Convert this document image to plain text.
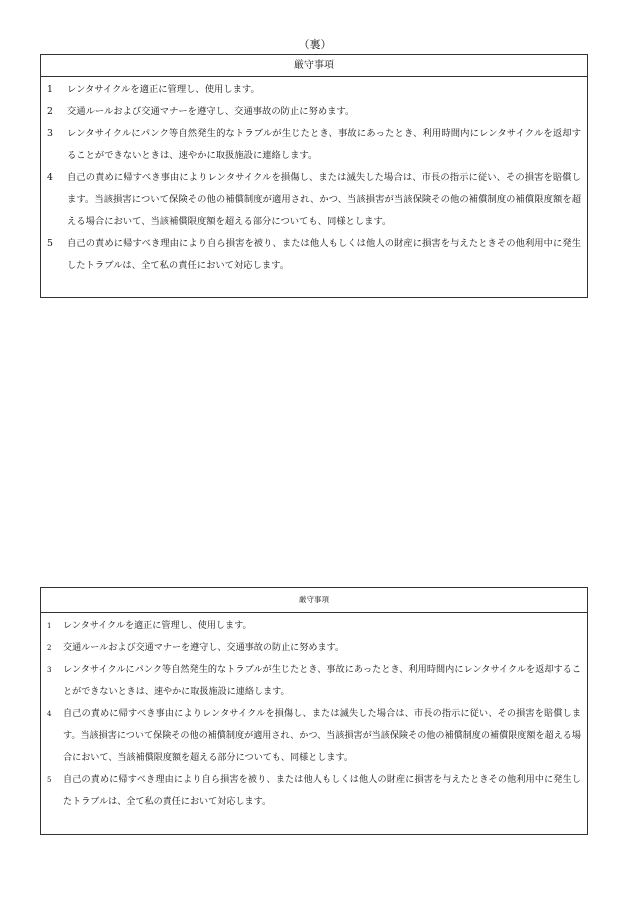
（裏）
厳守事項
1	レンタサイクルを適正に管理し、使用します。
2	交通ルールおよび交通マナーを遵守し、交通事故の防止に努めます。
3	レンタサイクルにパンク等自然発生的なトラブルが生じたとき、事故にあったとき、利用時間内にレンタサイクルを返却することができないときは、速やかに取扱施設に連絡します。
4	自己の責めに帰すべき事由によりレンタサイクルを損傷し、または滅失した場合は、市長の指示に従い、その損害を賠償します。当該損害について保険その他の補償制度が適用され、かつ、当該損害が当該保険その他の補償制度の補償限度額を超える場合において、当該補償限度額を超える部分についても、同様とします。
5	自己の責めに帰すべき理由により自ら損害を被り、または他人もしくは他人の財産に損害を与えたときその他利用中に発生したトラブルは、全て私の責任において対応します。
厳守事項
1	レンタサイクルを適正に管理し、使用します。
2	交通ルールおよび交通マナーを遵守し、交通事故の防止に努めます。
3	レンタサイクルにパンク等自然発生的なトラブルが生じたとき、事故にあったとき、利用時間内にレンタサイクルを返却することができないときは、速やかに取扱施設に連絡します。
4	自己の責めに帰すべき事由によりレンタサイクルを損傷し、または滅失した場合は、市長の指示に従い、その損害を賠償します。当該損害について保険その他の補償制度が適用され、かつ、当該損害が当該保険その他の補償制度の補償限度額を超える場合において、当該補償限度額を超える部分についても、同様とします。
5	自己の責めに帰すべき理由により自ら損害を被り、または他人もしくは他人の財産に損害を与えたときその他利用中に発生したトラブルは、全て私の責任において対応します。
